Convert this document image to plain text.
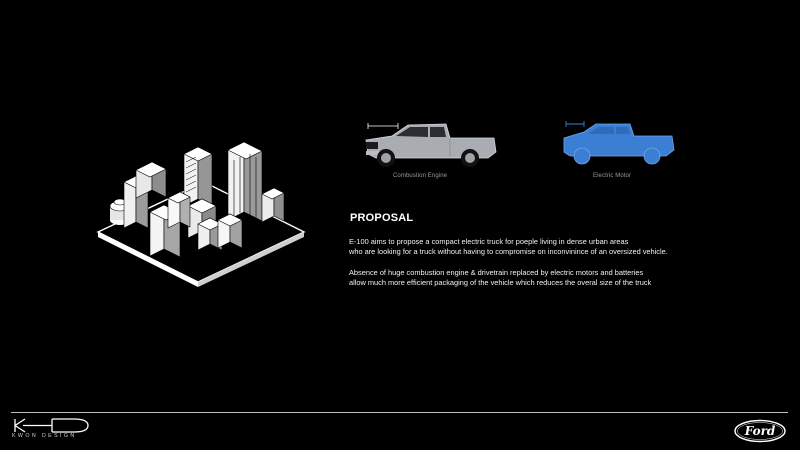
Combustion Engine	Electric Motor
PROPOSAL
E-100 aims to propose a compact electric truck for poeple living in dense urban areas
who are looking for a truck without having to compromise on inconvinince of an oversized vehicle.
Absence of huge combustion engine & drivetrain replaced by electric motors and batteries
allow much more efficient packaging of the vehicle which reduces the overal size of the truck
KWON DESIGN	Ford
